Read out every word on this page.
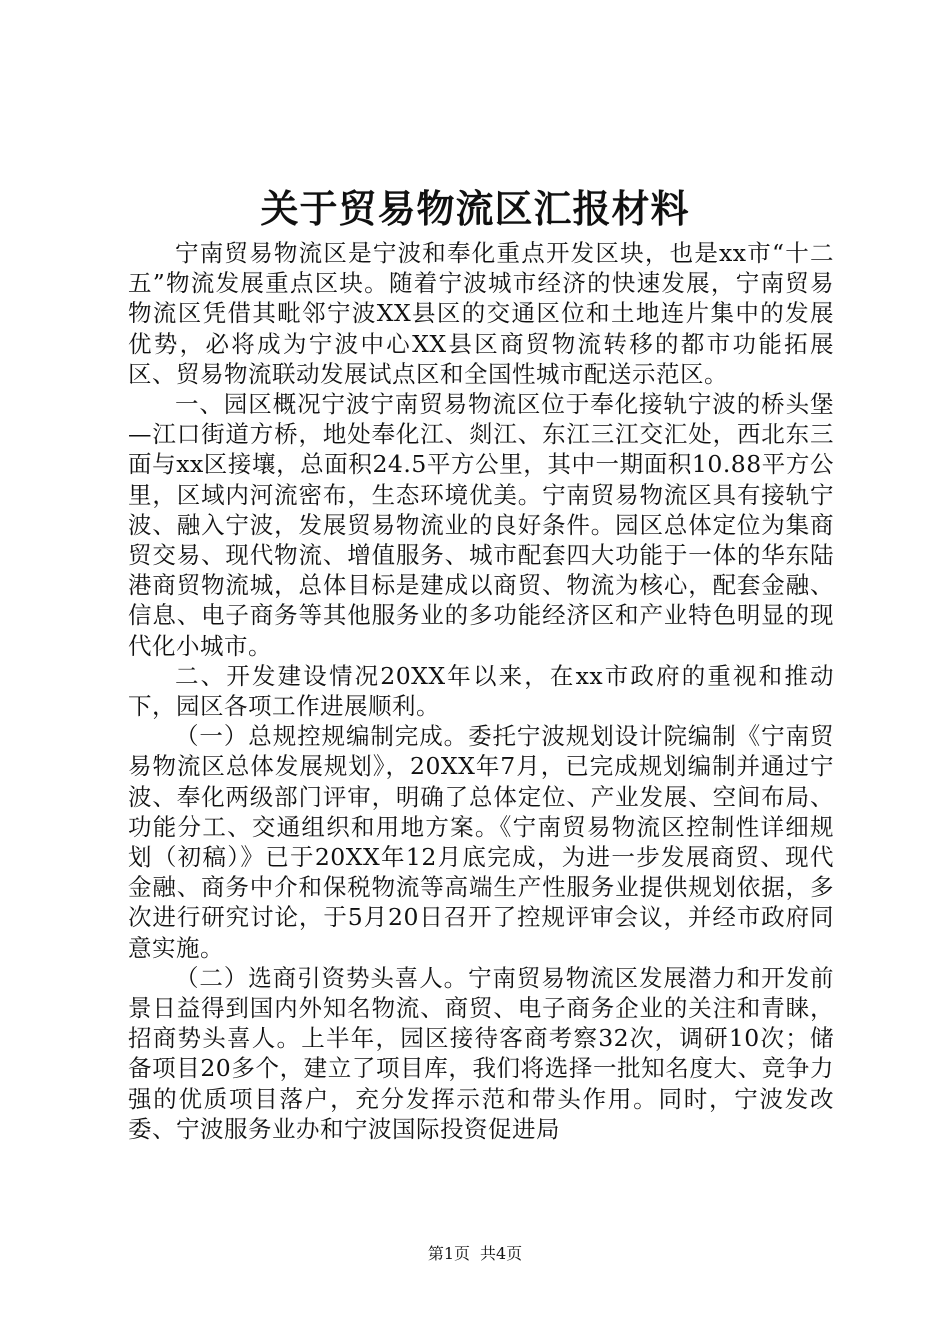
关于贸易物流区汇报材料

宁南贸易物流区是宁波和奉化重点开发区块，也是xx市“十二五”物流发展重点区块。随着宁波城市经济的快速发展，宁南贸易物流区凭借其毗邻宁波XX县区的交通区位和土地连片集中的发展优势，必将成为宁波中心XX县区商贸物流转移的都市功能拓展区、贸易物流联动发展试点区和全国性城市配送示范区。

一、园区概况宁波宁南贸易物流区位于奉化接轨宁波的桥头堡—江口街道方桥，地处奉化江、剡江、东江三江交汇处，西北东三面与xx区接壤，总面积24.5平方公里，其中一期面积10.88平方公里，区域内河流密布，生态环境优美。宁南贸易物流区具有接轨宁波、融入宁波，发展贸易物流业的良好条件。园区总体定位为集商贸交易、现代物流、增值服务、城市配套四大功能于一体的华东陆港商贸物流城，总体目标是建成以商贸、物流为核心，配套金融、信息、电子商务等其他服务业的多功能经济区和产业特色明显的现代化小城市。

二、开发建设情况20XX年以来，在xx市政府的重视和推动下，园区各项工作进展顺利。

（一）总规控规编制完成。委托宁波规划设计院编制《宁南贸易物流区总体发展规划》，20XX年7月，已完成规划编制并通过宁波、奉化两级部门评审，明确了总体定位、产业发展、空间布局、功能分工、交通组织和用地方案。《宁南贸易物流区控制性详细规划（初稿）》已于20XX年12月底完成，为进一步发展商贸、现代金融、商务中介和保税物流等高端生产性服务业提供规划依据，多次进行研究讨论，于5月20日召开了控规评审会议，并经市政府同意实施。

（二）选商引资势头喜人。宁南贸易物流区发展潜力和开发前景日益得到国内外知名物流、商贸、电子商务企业的关注和青睐，招商势头喜人。上半年，园区接待客商考察32次，调研10次；储备项目20多个，建立了项目库，我们将选择一批知名度大、竞争力强的优质项目落户，充分发挥示范和带头作用。同时，宁波发改委、宁波服务业办和宁波国际投资促进局

第1页 共4页
